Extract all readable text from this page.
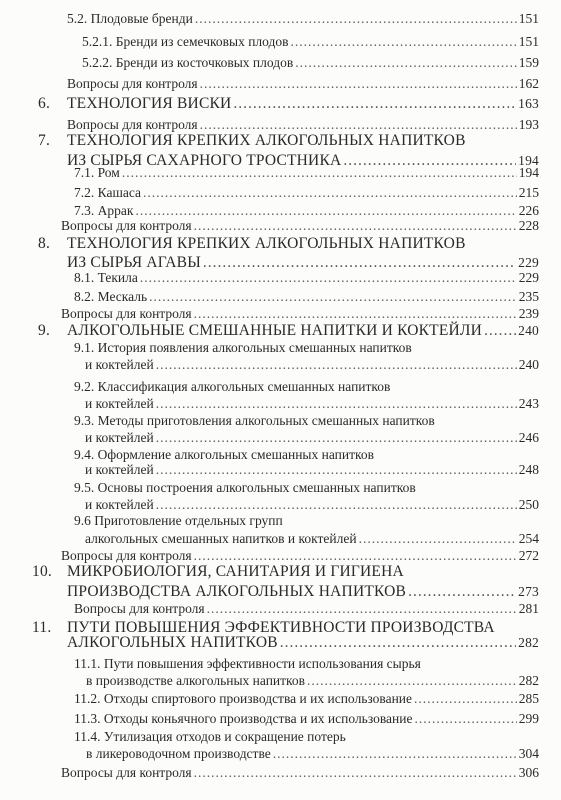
5.2. Плодовые бренди .....	151
5.2.1. Бренди из семечковых плодов .....	151
5.2.2. Бренди из косточковых плодов .....	159
Вопросы для контроля .....	162
6. ТЕХНОЛОГИЯ ВИСКИ .....	163
Вопросы для контроля .....	193
7. ТЕХНОЛОГИЯ КРЕПКИХ АЛКОГОЛЬНЫХ НАПИТКОВ
ИЗ СЫРЬЯ САХАРНОГО ТРОСТНИКА .....	194
7.1. Ром .....	194
7.2. Кашаса .....	215
7.3. Аррак .....	226
Вопросы для контроля .....	228
8. ТЕХНОЛОГИЯ КРЕПКИХ АЛКОГОЛЬНЫХ НАПИТКОВ
ИЗ СЫРЬЯ АГАВЫ .....	229
8.1. Текила .....	229
8.2. Мескаль .....	235
Вопросы для контроля .....	239
9. АЛКОГОЛЬНЫЕ СМЕШАННЫЕ НАПИТКИ И КОКТЕЙЛИ .....	240
9.1. История появления алкогольных смешанных напитков
и коктейлей .....	240
9.2. Классификация алкогольных смешанных напитков
и коктейлей .....	243
9.3. Методы приготовления алкогольных смешанных напитков
и коктейлей .....	246
9.4. Оформление алкогольных смешанных напитков
и коктейлей .....	248
9.5. Основы построения алкогольных смешанных напитков
и коктейлей .....	250
9.6 Приготовление отдельных групп
алкогольных смешанных напитков и коктейлей .....	254
Вопросы для контроля .....	272
10. МИКРОБИОЛОГИЯ, САНИТАРИЯ И ГИГИЕНА
ПРОИЗВОДСТВА АЛКОГОЛЬНЫХ НАПИТКОВ .....	273
Вопросы для контроля .....	281
11. ПУТИ ПОВЫШЕНИЯ ЭФФЕКТИВНОСТИ ПРОИЗВОДСТВА
АЛКОГОЛЬНЫХ НАПИТКОВ .....	282
11.1. Пути повышения эффективности использования сырья
в производстве алкогольных напитков .....	282
11.2. Отходы спиртового производства и их использование .....	285
11.3. Отходы коньячного производства и их использование .....	299
11.4. Утилизация отходов и сокращение потерь
в ликероводочном производстве .....	304
Вопросы для контроля .....	306
